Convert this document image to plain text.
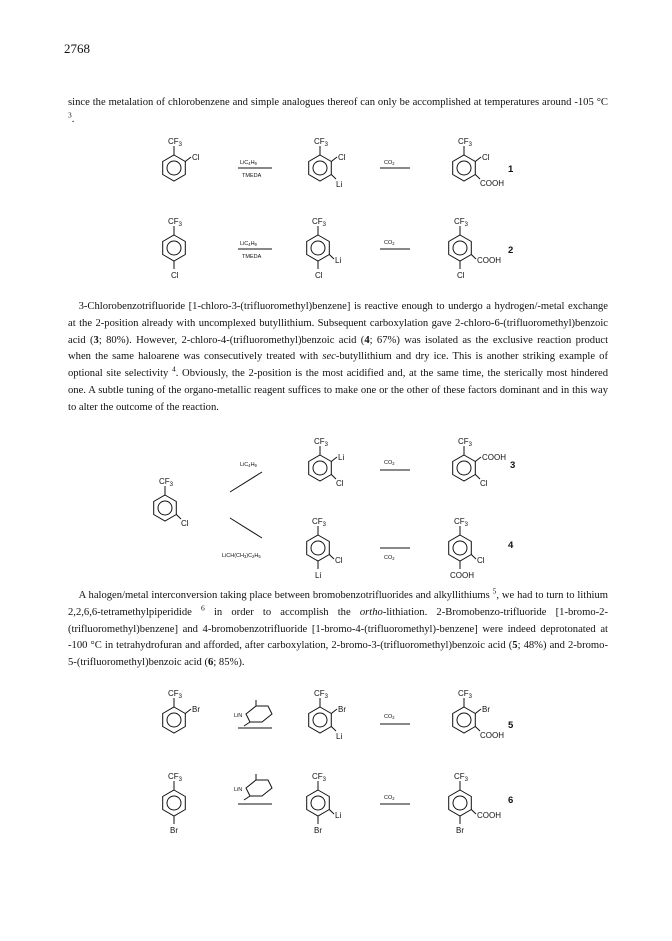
2768
since the metalation of chlorobenzene and simple analogues thereof can only be accomplished at temperatures around -105 °C $^3$.
 3-Chlorobenzotrifluoride [1-chloro-3-(trifluoromethyl)benzene] is reactive enough to undergo a hydrogen/-metal exchange at the 2-position already with uncomplexed butyllithium. Subsequent carboxylation gave 2-chloro-6-(trifluoromethyl)benzoic acid (3; 80%). However, 2-chloro-4-(trifluoromethyl)benzoic acid (4; 67%) was isolated as the exclusive reaction product when the same haloarene was consecutively treated with sec-butyllithium and dry ice. This is another striking example of optional site selectivity $^4$. Obviously, the 2-position is the most acidified and, at the same time, the sterically most hindered one. A subtle tuning of the organo-metallic reagent suffices to make one or the other of these factors dominant and in this way to alter the outcome of the reaction.
 A halogen/metal interconversion taking place between bromobenzotrifluorides and alkyllithiums $^5$, we had to turn to lithium 2,2,6,6-tetramethylpiperidide $^6$ in order to accomplish the ortho-lithiation. 2-Bromobenzo-trifluoride [1-bromo-2-(trifluoromethyl)benzene] and 4-bromobenzotrifluoride [1-bromo-4-(trifluoromethyl)-benzene] were indeed deprotonated at -100 °C in tetrahydrofuran and afforded, after carboxylation, 2-bromo-3-(trifluoromethyl)benzoic acid (5; 48%) and 2-bromo-5-(trifluoromethyl)benzoic acid (6; 85%).
CF3
Cl
LiC4H9
TMEDA
CF3
Cl
Li
CO2
CF3
Cl
COOH
1
CF3
Cl
LiC4H9
TMEDA
CF3
Li
Cl
CO2
CF3
COOH
Cl
2
CF3
Cl
LiC4H9
LiCH(CH3)C2H5
CF3
Li
Cl
CO2
CF3
COOH
Cl
3
CF3
Cl
Li
CO2
CF3
Cl
COOH
4
CF3
Br
LiN
CF3
Br
Li
CO2
CF3
Br
COOH
5
CF3
Br
LiN
CF3
Li
Br
CO2
CF3
COOH
Br
6
